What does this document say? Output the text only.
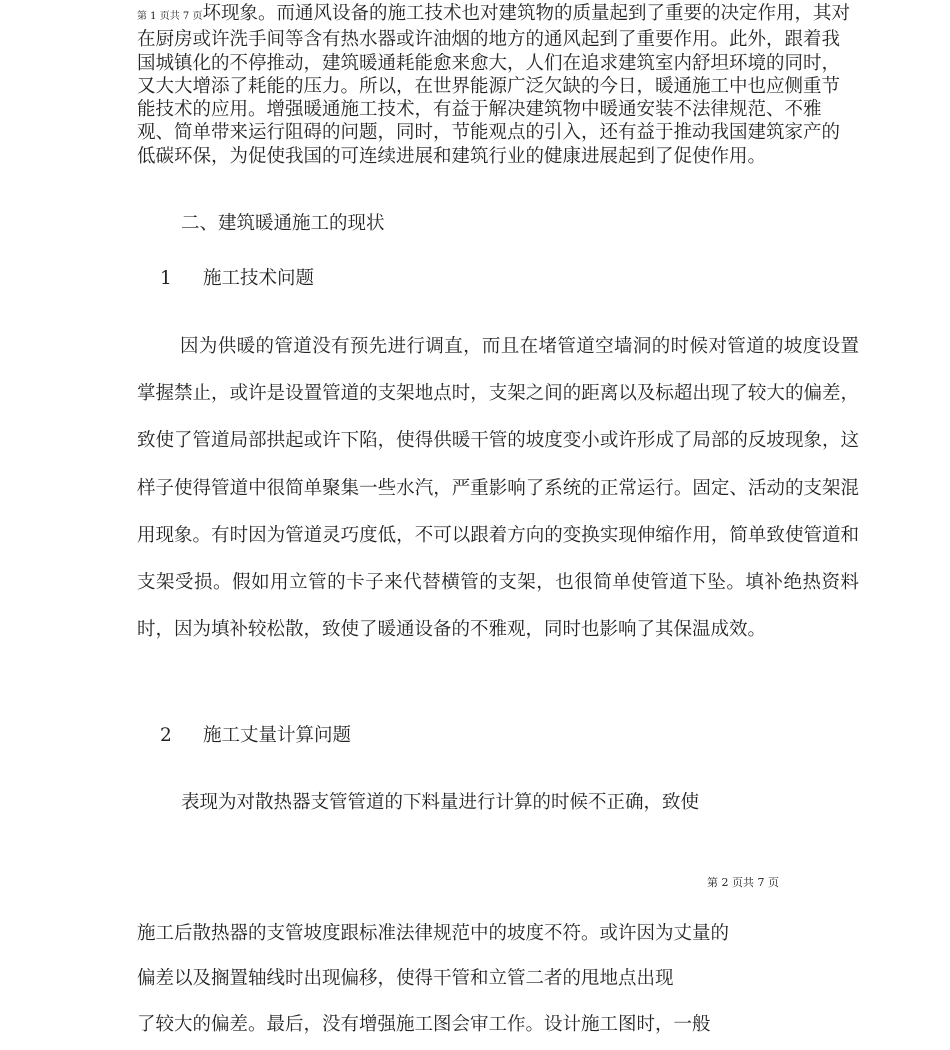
第 1 页共 7 页坏现象。而通风设备的施工技术也对建筑物的质量起到了重要的决定作用，其对在厨房或许洗手间等含有热水器或许油烟的地方的通风起到了重要作用。此外，跟着我国城镇化的不停推动，建筑暖通耗能愈来愈大，人们在追求建筑室内舒坦环境的同时，又大大增添了耗能的压力。所以，在世界能源广泛欠缺的今日，暖通施工中也应侧重节能技术的应用。增强暖通施工技术，有益于解决建筑物中暖通安装不法律规范、不雅观、简单带来运行阻碍的问题，同时，节能观点的引入，还有益于推动我国建筑家产的低碳环保，为促使我国的可连续进展和建筑行业的健康进展起到了促使作用。

二、建筑暖通施工的现状

1 施工技术问题

因为供暖的管道没有预先进行调直，而且在堵管道空墙洞的时候对管道的坡度设置掌握禁止，或许是设置管道的支架地点时，支架之间的距离以及标超出现了较大的偏差，致使了管道局部拱起或许下陷，使得供暖干管的坡度变小或许形成了局部的反坡现象，这样子使得管道中很简单聚集一些水汽，严重影响了系统的正常运行。固定、活动的支架混用现象。有时因为管道灵巧度低，不可以跟着方向的变换实现伸缩作用，简单致使管道和支架受损。假如用立管的卡子来代替横管的支架，也很简单使管道下坠。填补绝热资料时，因为填补较松散，致使了暖通设备的不雅观，同时也影响了其保温成效。

2 施工丈量计算问题

表现为对散热器支管管道的下料量进行计算的时候不正确，致使

第 2 页共 7 页

施工后散热器的支管坡度跟标准法律规范中的坡度不符。或许因为丈量的

偏差以及搁置轴线时出现偏移，使得干管和立管二者的甩地点出现

了较大的偏差。最后，没有增强施工图会审工作。设计施工图时，一般
